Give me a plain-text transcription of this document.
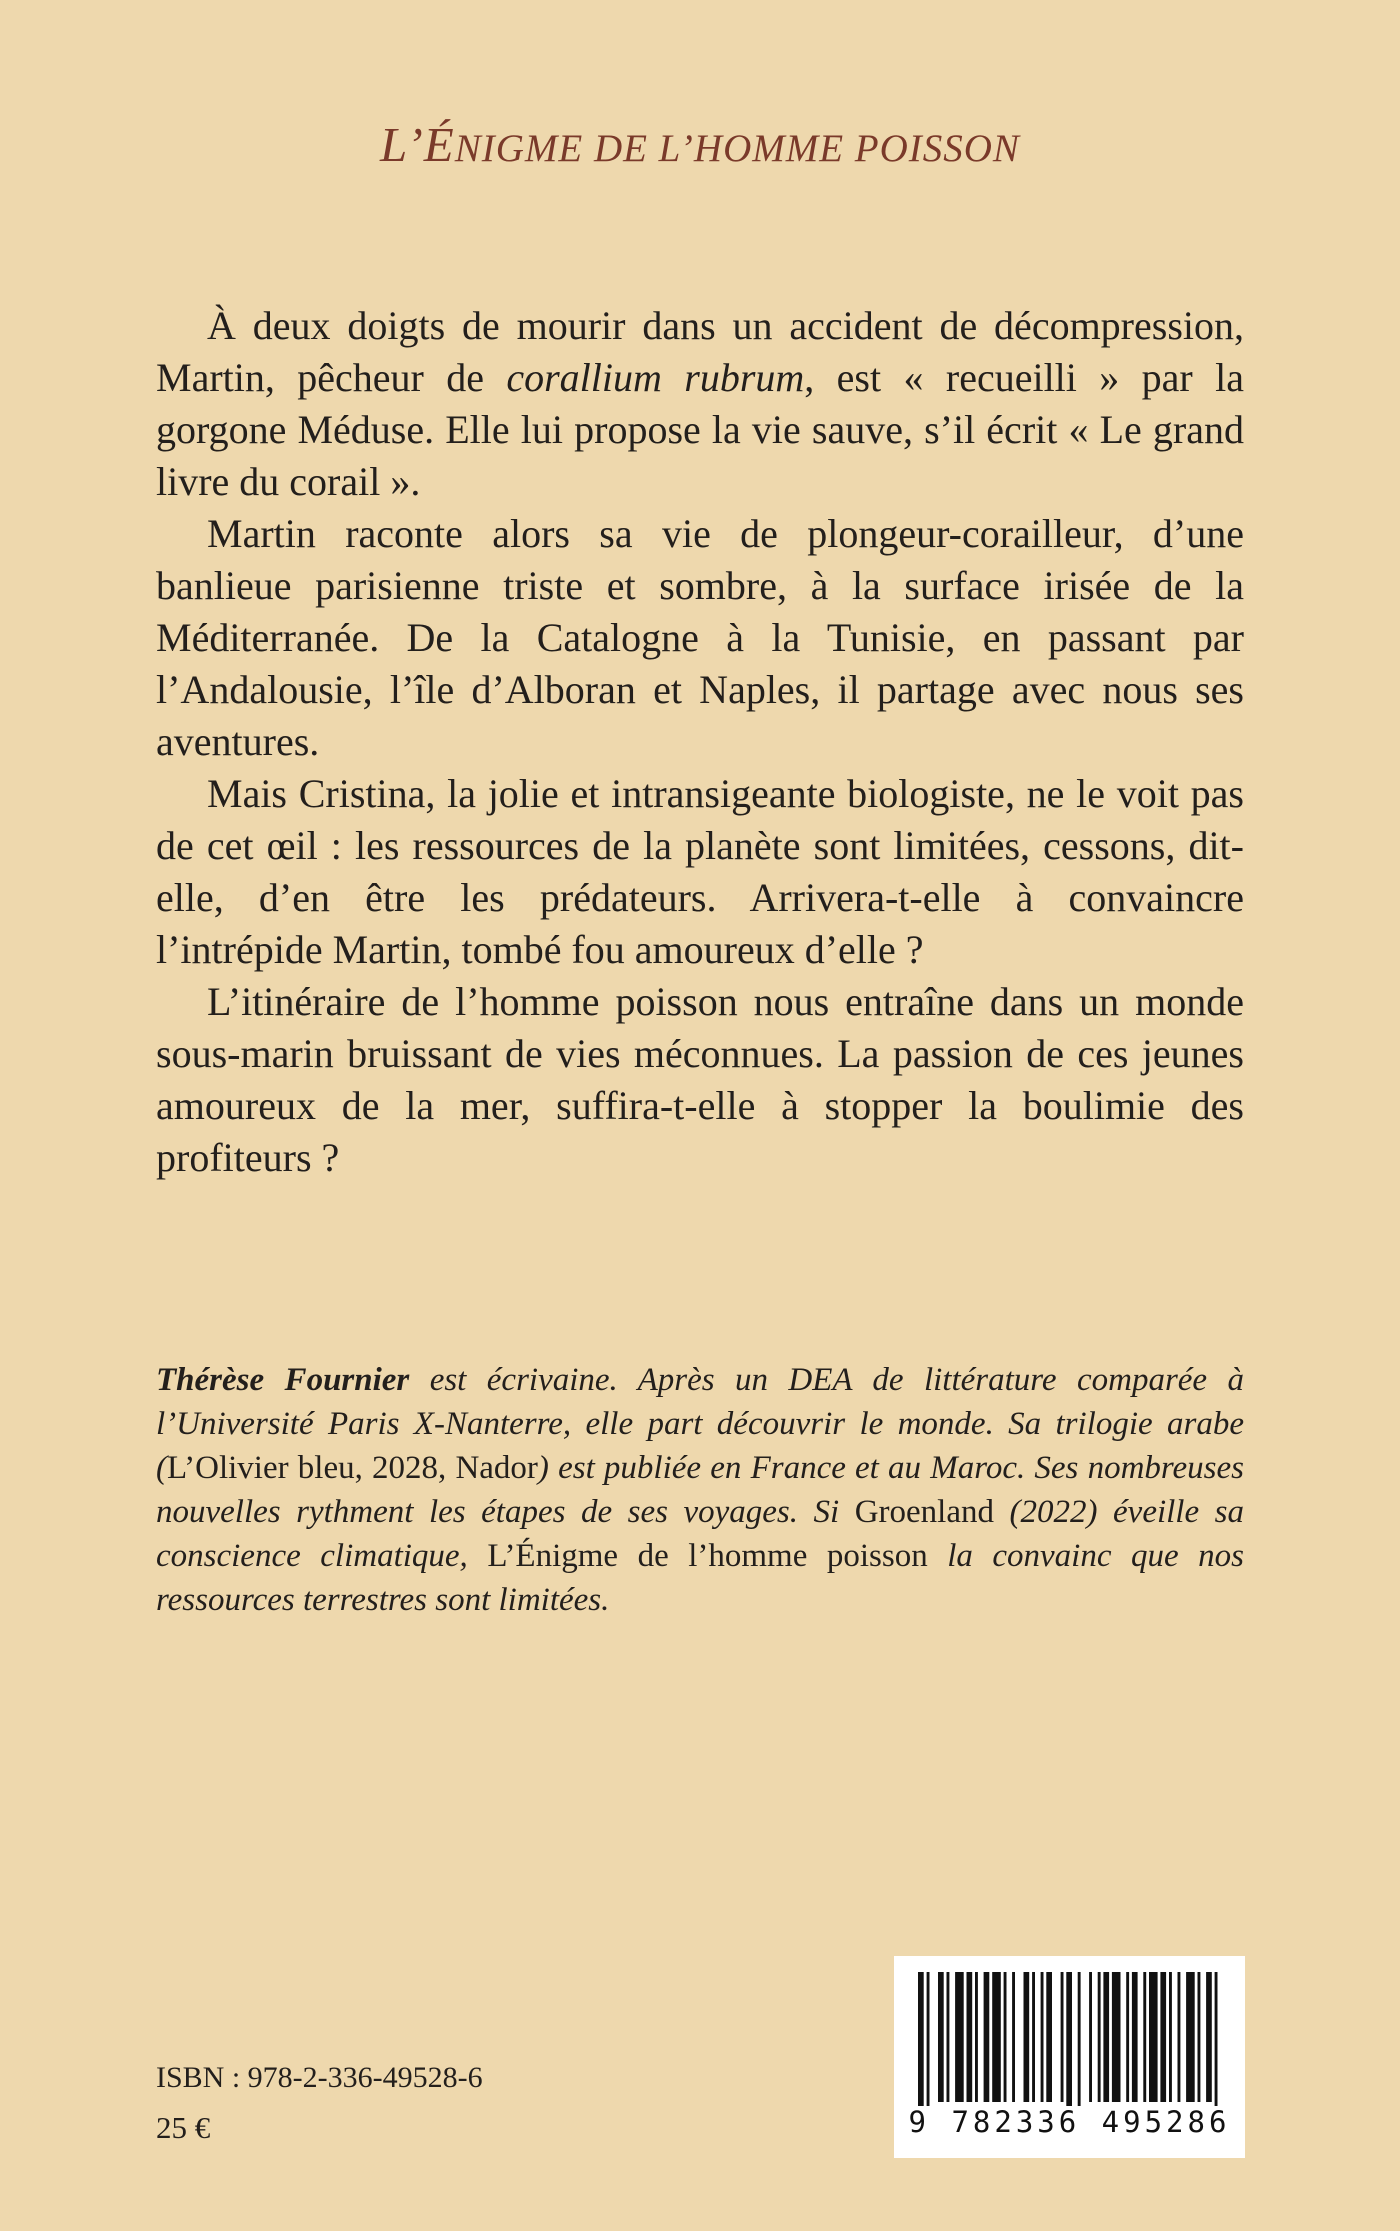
L’ÉNIGME DE L’HOMME POISSON

À deux doigts de mourir dans un accident de décompression, Martin, pêcheur de corallium rubrum, est « recueilli » par la gorgone Méduse. Elle lui propose la vie sauve, s’il écrit « Le grand livre du corail ».

Martin raconte alors sa vie de plongeur-corailleur, d’une banlieue parisienne triste et sombre, à la surface irisée de la Méditerranée. De la Catalogne à la Tunisie, en passant par l’Andalousie, l’île d’Alboran et Naples, il partage avec nous ses aventures.

Mais Cristina, la jolie et intransigeante biologiste, ne le voit pas de cet œil : les ressources de la planète sont limitées, cessons, dit-elle, d’en être les prédateurs. Arrivera-t-elle à convaincre l’intrépide Martin, tombé fou amoureux d’elle ?

L’itinéraire de l’homme poisson nous entraîne dans un monde sous-marin bruissant de vies méconnues. La passion de ces jeunes amoureux de la mer, suffira-t-elle à stopper la boulimie des profiteurs ?

Thérèse Fournier est écrivaine. Après un DEA de littérature comparée à l’Université Paris X-Nanterre, elle part découvrir le monde. Sa trilogie arabe (L’Olivier bleu, 2028, Nador) est publiée en France et au Maroc. Ses nombreuses nouvelles rythment les étapes de ses voyages. Si Groenland (2022) éveille sa conscience climatique, L’Énigme de l’homme poisson la convainc que nos ressources terrestres sont limitées.

ISBN : 978-2-336-49528-6
25 €	9 782336 495286
